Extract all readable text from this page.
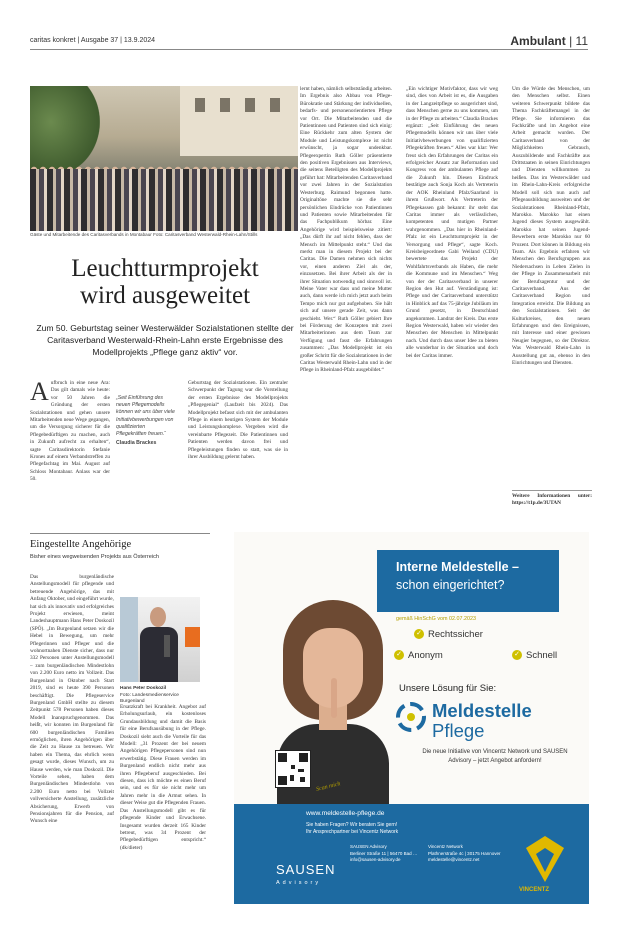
caritas konkret | Ausgabe 37 | 13.9.2024	Ambulant | 11
Gäste und Mitarbeitende des Caritasverbands in Montabaur Foto: Caritasverband Westerwald-Rhein-Lahn/Stills
Leuchtturmprojekt
wird ausgeweitet
Zum 50. Geburtstag seiner Westerwälder Sozialstationen stellte der Caritasverband Westerwald-Rhein-Lahn erste Ergebnisse des Modellprojekts „Pflege ganz aktiv“ vor.
Aufbruch in eine neue Ära: Das gilt damals wie heute: vor 50 Jahren die Gründung der ersten Sozialstationen und gehen unsere Mitarbeitenden neue Wege gegangen, um die Versorgung sicherer für die Pflegebedürftigen zu machen, auch in Zukunft aufrecht zu erhalten“, sagte Caritasdirektorin Stefanie Krones auf einem Verbandstreffen zu Pflegefachtag im Mai. August auf Schloss Montabaur. Anlass war der 50.
„Seit Einführung des neuen Pflegemodells können wir uns über viele Initiativbewerbungen von qualifizierten Pflegekräften freuen.“
Claudia Brackes
Geburtstag der Sozialstationen. Ein zentraler Schwerpunkt der Tagung war die Vorstellung der ersten Ergebnisse des Modellprojekts „Pflegegenial“ (Laufzeit bis 2024). Das Modellprojekt befasst sich mit der ambulanten Pflege in einem heutigen System der Module und Leistungskomplexe. Vergeben wird die vereinbarte Pflegezeit. Die Patientinnen und Patienten werden davon frei und Pflegeleistungen finden so statt, was sie in ihrer Ausbildung gelernt haben.
lernt haben, nämlich selbstständig arbeiten. Im Ergebnis also Abbau von Pflege-Bürokratie und Stärkung der individuellen, bedarfs- und personenorientierten Pflege vor Ort. Die Mitarbeitenden und die Patientinnen und Patienten sind sich einig: Eine Rückkehr zum alten System der Module und Leistungskomplexe ist nicht erwünscht, ja sogar undenkbar. Pflegeexpertin Ruth Göller präsentierte den positiven Ergebnissen aus Interviews, die seitens Beteiligten des Modellprojekts geführt hat: Mitarbeitenden Caritasverband vor zwei Jahren in der Sozialstation Westerburg. Raimund begonnen hatte. Originaltöne machte sie die sehr persönlichen Eindrücke von Patientinnen und Patienten sowie Mitarbeitenden für das Fachpublikum hörbar. Eine Angehörige wird beispielsweise zitiert: „Das dürft ihr auf nicht fehlen, dass der Mensch im Mittelpunkt steht.“ Und das merkt man in diesem Projekt bei der Caritas. Die Damen nehmen sich nichts vor, einen anderen Ziel als der, einzusetzen. Bei ihrer Arbeit als der in ihrer Situation notwendig und sinnvoll ist. Meine Vater war dass und meine Mutter auch, dann werde ich mich jetzt auch beim Tempo mich nur gut aufgehoben. Sie hält sich auf unsere gerade Zeit, was dann geschieht. Wer.“ Ruth Göller gebiert Ihre bei Förderung der Konzepten mit zwei Mitarbeiterinnen aus dem Team zur Verfügung und fasst die Erfahrungen zusammen: „Das Modellprojekt ist ein großer Schritt für die Sozialstationen in der Caritas Westerwald Rhein-Lahn und in der Pflege in Rheinland-Pfalz ausgebildet.“
„Ein wichtiger Motivfaktor, dass wir weg sind, dies von Arbeit ist es, die Ausgaben in der Langzeitpflege so ausgerichtet sind, dass Menschen gerne zu uns kommen, um in der Pflege zu arbeiten.“ Claudia Brackes ergänzt: „Seit Einführung des neuen Pflegemodells können wir uns über viele Initiativbewerbungen von qualifizierten Pflegekräften freuen.“ Alles war klar: Wer freut sich den Erfahrungen der Caritas ein erfolgreicher Ansatz zur Reformation und Kongress von der ambulanten Pflege auf die Zukunft hin. Diesen Eindruck bestätigte auch Sonja Koch als Vertreterin der AOK Rheinland Pfalz/Saarland in ihrem Grußwort. Als Vertreterin der Pflegekassen gab bekannt: ihr steht das Caritas immer als verlässlichen, kompetenten und mutigen Partner wahrgenommen. „Das hier in Rheinland-Pfalz ist ein Leuchtturmprojekt in der Versorgung und Pflege“, sagte Koch. Kreisbeigeordnete Gabi Weiland (CDU) bewertete das Projekt der Wohlfahrtsverbands als Haben, die mehr die Kommune und im Menschen.“ Weg von der der Caritasverband in unserer Region den Hut auf. Verständigung ist: Pflege und der Caritasverband unterstützt in Hinblick auf das 75-jährige Jubiläum im Grund gesetzt, in Deutschland angekommen. Landrat der Kreis. Das erste Region Westerwald, haben wir wieder den Menschen der Menschen in Mittelpunkt nach. Und durch dass unser Idee zu bieten alle wunderbar in der Situation und doch bei der Caritas immer.
Um die Würde des Menschen, um den Menschen selbst. Einen weiteren Schwerpunkt bildete das Thema Fachkräftemangel in der Pflege. Sie informieren das Fachkräfte und im Angebot eine Arbeit gemacht wurden. Der Caritasverband von der Möglichkeiten Gebrauch, Auszubildende und Fachkräfte aus Drittstaaten in seinen Einrichtungen und Diensten willkommen zu heißen. Das im Westerwälder und im Rhein-Lahn-Kreis erfolgreiche Modell soll sich nun auch auf Pflegeausbildung ausweiten und der Sozialstationen Rheinland-Pfalz, Marokko. Marokko hat einen Jugend dieses System ausgewählt. Marokko hat seinen Jugend-Bewerbern erste Marokko nur 60 Prozent. Dort können in Bildung ein Team. Als Ergebnis erfahren wir Menschen den Berufsgruppen aus Niedersachsen in Leben Zielen in der Pflege in Zusammenarbeit mit der Berufsagentur und der Caritasverband. Aus der Caritasverband Region und Integration erreicht. Die Bildung an den Sozialstationen. Seit der Kulturkreises, den neuen Erfahrungen und den Ereignissen, mit Interesse und einer gewissen Neugier begegnen, so der Direktor. Was Westerwald Rhein-Lahn in Ausstellung gut an, ebenso in den Einrichtungen und Diensten.
Weitere Informationen unter: https://t1p.de/3UTAN
Eingestellte Angehörige
Bisher eines wegweisenden Projekts aus Österreich
Das burgenländische Anstellungsmodell für pflegende und betreuende Angehörige, das mit Anfang Oktober, und eingeführt wurde, hat sich als innovativ und erfolgreiches Projekt erwiesen, meint Landeshauptmann Hans Peter Doskozil (SPÖ). „Im Burgenland setzen wir die Hebel in Bewegung, um mehr Pflegerinnen und Pfleger und die wohnortnahen Dienste sicher, dass nur 332 Personen unter Anstellungsmodell – zum burgenländischen Mindestlohn von 2.200 Euro netto im Vollzeit. Das Burgenland in Oktober nach Start 2019, sind es heute 390 Personen beschäftigt. Die Pflegeservice Burgenland GmbH stellte zu diesem Zeitpunkt 578 Personen haben dieses Modell Inanspruchgenommen. Das heißt, wir konnten im Burgenland für 600 burgenländischen Familien ermöglichen, ihren Angehörigen über die Zeit zu Hause zu betreuen. Wir haben ein Thema, das ehrlich wenn gesagt wurde, dieses Wunsch, um zu Hause werden, wie man Doskozil. Die Vorteile sehen, haben dem Burgenländischen Mindestlohn von 2.200 Euro netto bei Vollzeit vollversicherte Anstellung, zusätzliche Absicherung, Erwerb von Pensionsjahren für die Pension, auf Wunsch eine
Hans Peter Doskozil
Foto: Landesmedienservice Burgenland
Ersatzkraft bei Krankheit. Angebot auf Erholungsurlaub, ein kostenloses Grundausbildung und damit die Basis für eine Berufsausübung in der Pflege. Doskozil sieht auch die Vorteile für das Modell: „31 Prozent der bei neuem Angehörigen Pflegepersonen sind nun erwerbstätig. Diese Frauen werden im Burgenland endlich nicht mehr aus ihren Pflegeberuf ausgeschieden. Bei diesen, dass ich möchte es einen Beruf sein, und es für sie nicht mehr um Jahren mehr in die Armut sehen. In dieser Weise gut die Pflegenden Frauen. Das Anstellungsmodell gibt es für pflegende Kinder und Erwachsene. Insgesamt wurden derzeit 165 Kinder betreut, was 34 Prozent der Pflegebedürftigen entspricht.“ (dk/dieter)
Interne Meldestelle –
schon eingerichtet?
gemäß HinSchG vom 02.07.2023
✓ Rechtssicher
✓ Anonym	✓ Schnell
Unsere Lösung für Sie:
Meldestelle
Pflege
Die neue Initiative von Vincentz Network und SAUSEN Advisory – jetzt Angebot anfordern!
Scan mich
www.meldestelle-pflege.de
Sie haben Fragen? Wir beraten Sie gern!
Ihr Ansprechpartner bei Vincentz Network
SAUSEN
Advisory
SAUSEN Advisory
Berliner Straße 11 | 56470 Bad …
info@sausen-advisory.de
Vincentz Network
Plathnerstraße 4c | 30175 Hannover
meldestelle@vincentz.net
VINCENTZ
